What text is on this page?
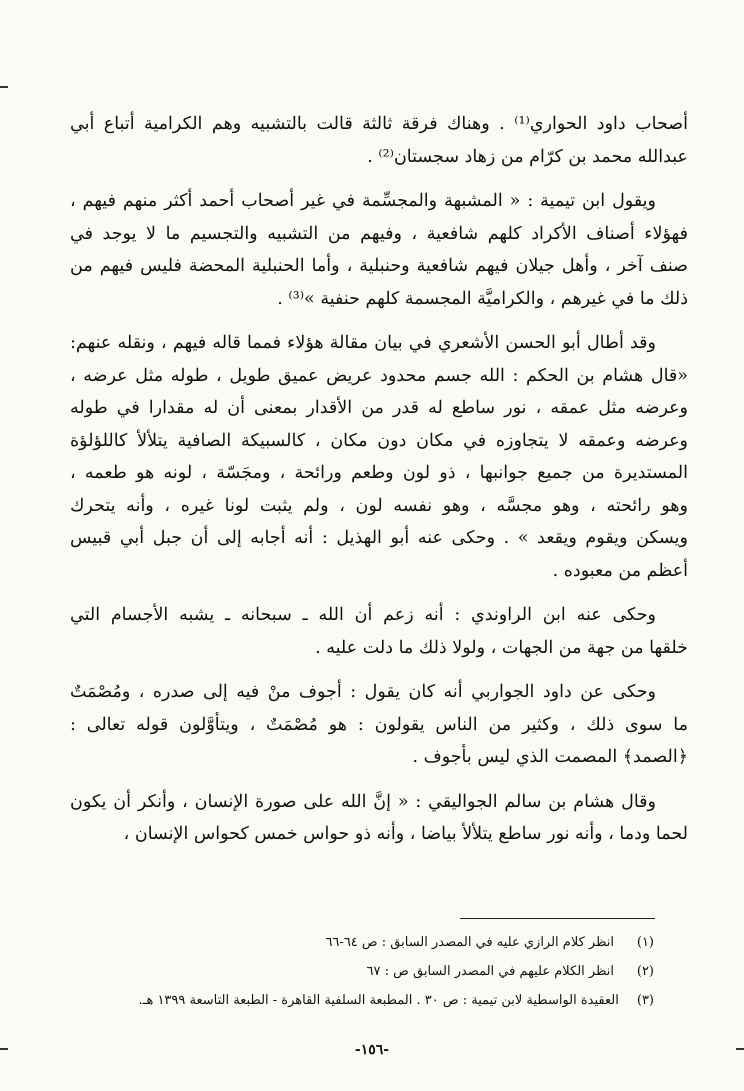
أصحاب داود الحواري⁽¹⁾ . وهناك فرقة ثالثة قالت بالتشبيه وهم الكرامية أتباع أبي
عبدالله محمد بن كرّام من زهاد سجستان⁽²⁾ .
ويقول ابن تيمية : « المشبهة والمجسِّمة في غير أصحاب أحمد أكثر منهم فيهم ،
فهؤلاء أصناف الأكراد كلهم شافعية ، وفيهم من التشبيه والتجسيم ما لا يوجد في
صنف آخر ، وأهل جيلان فيهم شافعية وحنبلية ، وأما الحنبلية المحضة فليس فيهم من
ذلك ما في غيرهم ، والكراميَّة المجسمة كلهم حنفية »⁽³⁾ .
وقد أطال أبو الحسن الأشعري في بيان مقالة هؤلاء فمما قاله فيهم ، ونقله عنهم:
«قال هشام بن الحكم : الله جسم محدود عريض عميق طويل ، طوله مثل عرضه ،
وعرضه مثل عمقه ، نور ساطع له قدر من الأقدار بمعنى أن له مقدارا في طوله
وعرضه وعمقه لا يتجاوزه في مكان دون مكان ، كالسبيكة الصافية يتلألأ كاللؤلؤة
المستديرة من جميع جوانبها ، ذو لون وطعم ورائحة ، ومجَسّة ، لونه هو طعمه ،
وهو رائحته ، وهو مجسَّه ، وهو نفسه لون ، ولم يثبت لونا غيره ، وأنه يتحرك
ويسكن ويقوم ويقعد » . وحكى عنه أبو الهذيل : أنه أجابه إلى أن جبل أبي قبيس
أعظم من معبوده .
وحكى عنه ابن الراوندي : أنه زعم أن الله ـ سبحانه ـ يشبه الأجسام التي
خلقها من جهة من الجهات ، ولولا ذلك ما دلت عليه .
وحكى عن داود الجواربي أنه كان يقول : أجوف منْ فيه إلى صدره ، ومُصْمَتٌ
ما سوى ذلك ، وكثير من الناس يقولون : هو مُصْمَتٌ ، ويتأوَّلون قوله تعالى :
﴿الصمد﴾ المصمت الذي ليس بأجوف .
وقال هشام بن سالم الجواليقي : « إنَّ الله على صورة الإنسان ، وأنكر أن يكون
لحما ودما ، وأنه نور ساطع يتلألأ بياضا ، وأنه ذو حواس خمس كحواس الإنسان ،
(١)
انظر كلام الرازي عليه في المصدر السابق : ص ٦٤-٦٦
(٢)
انظر الكلام عليهم في المصدر السابق ص : ٦٧
(٣)
العقيدة الواسطية لابن تيمية : ص ٣٠ . المطبعة السلفية القاهرة - الطبعة التاسعة ١٣٩٩ هـ.
-١٥٦-
